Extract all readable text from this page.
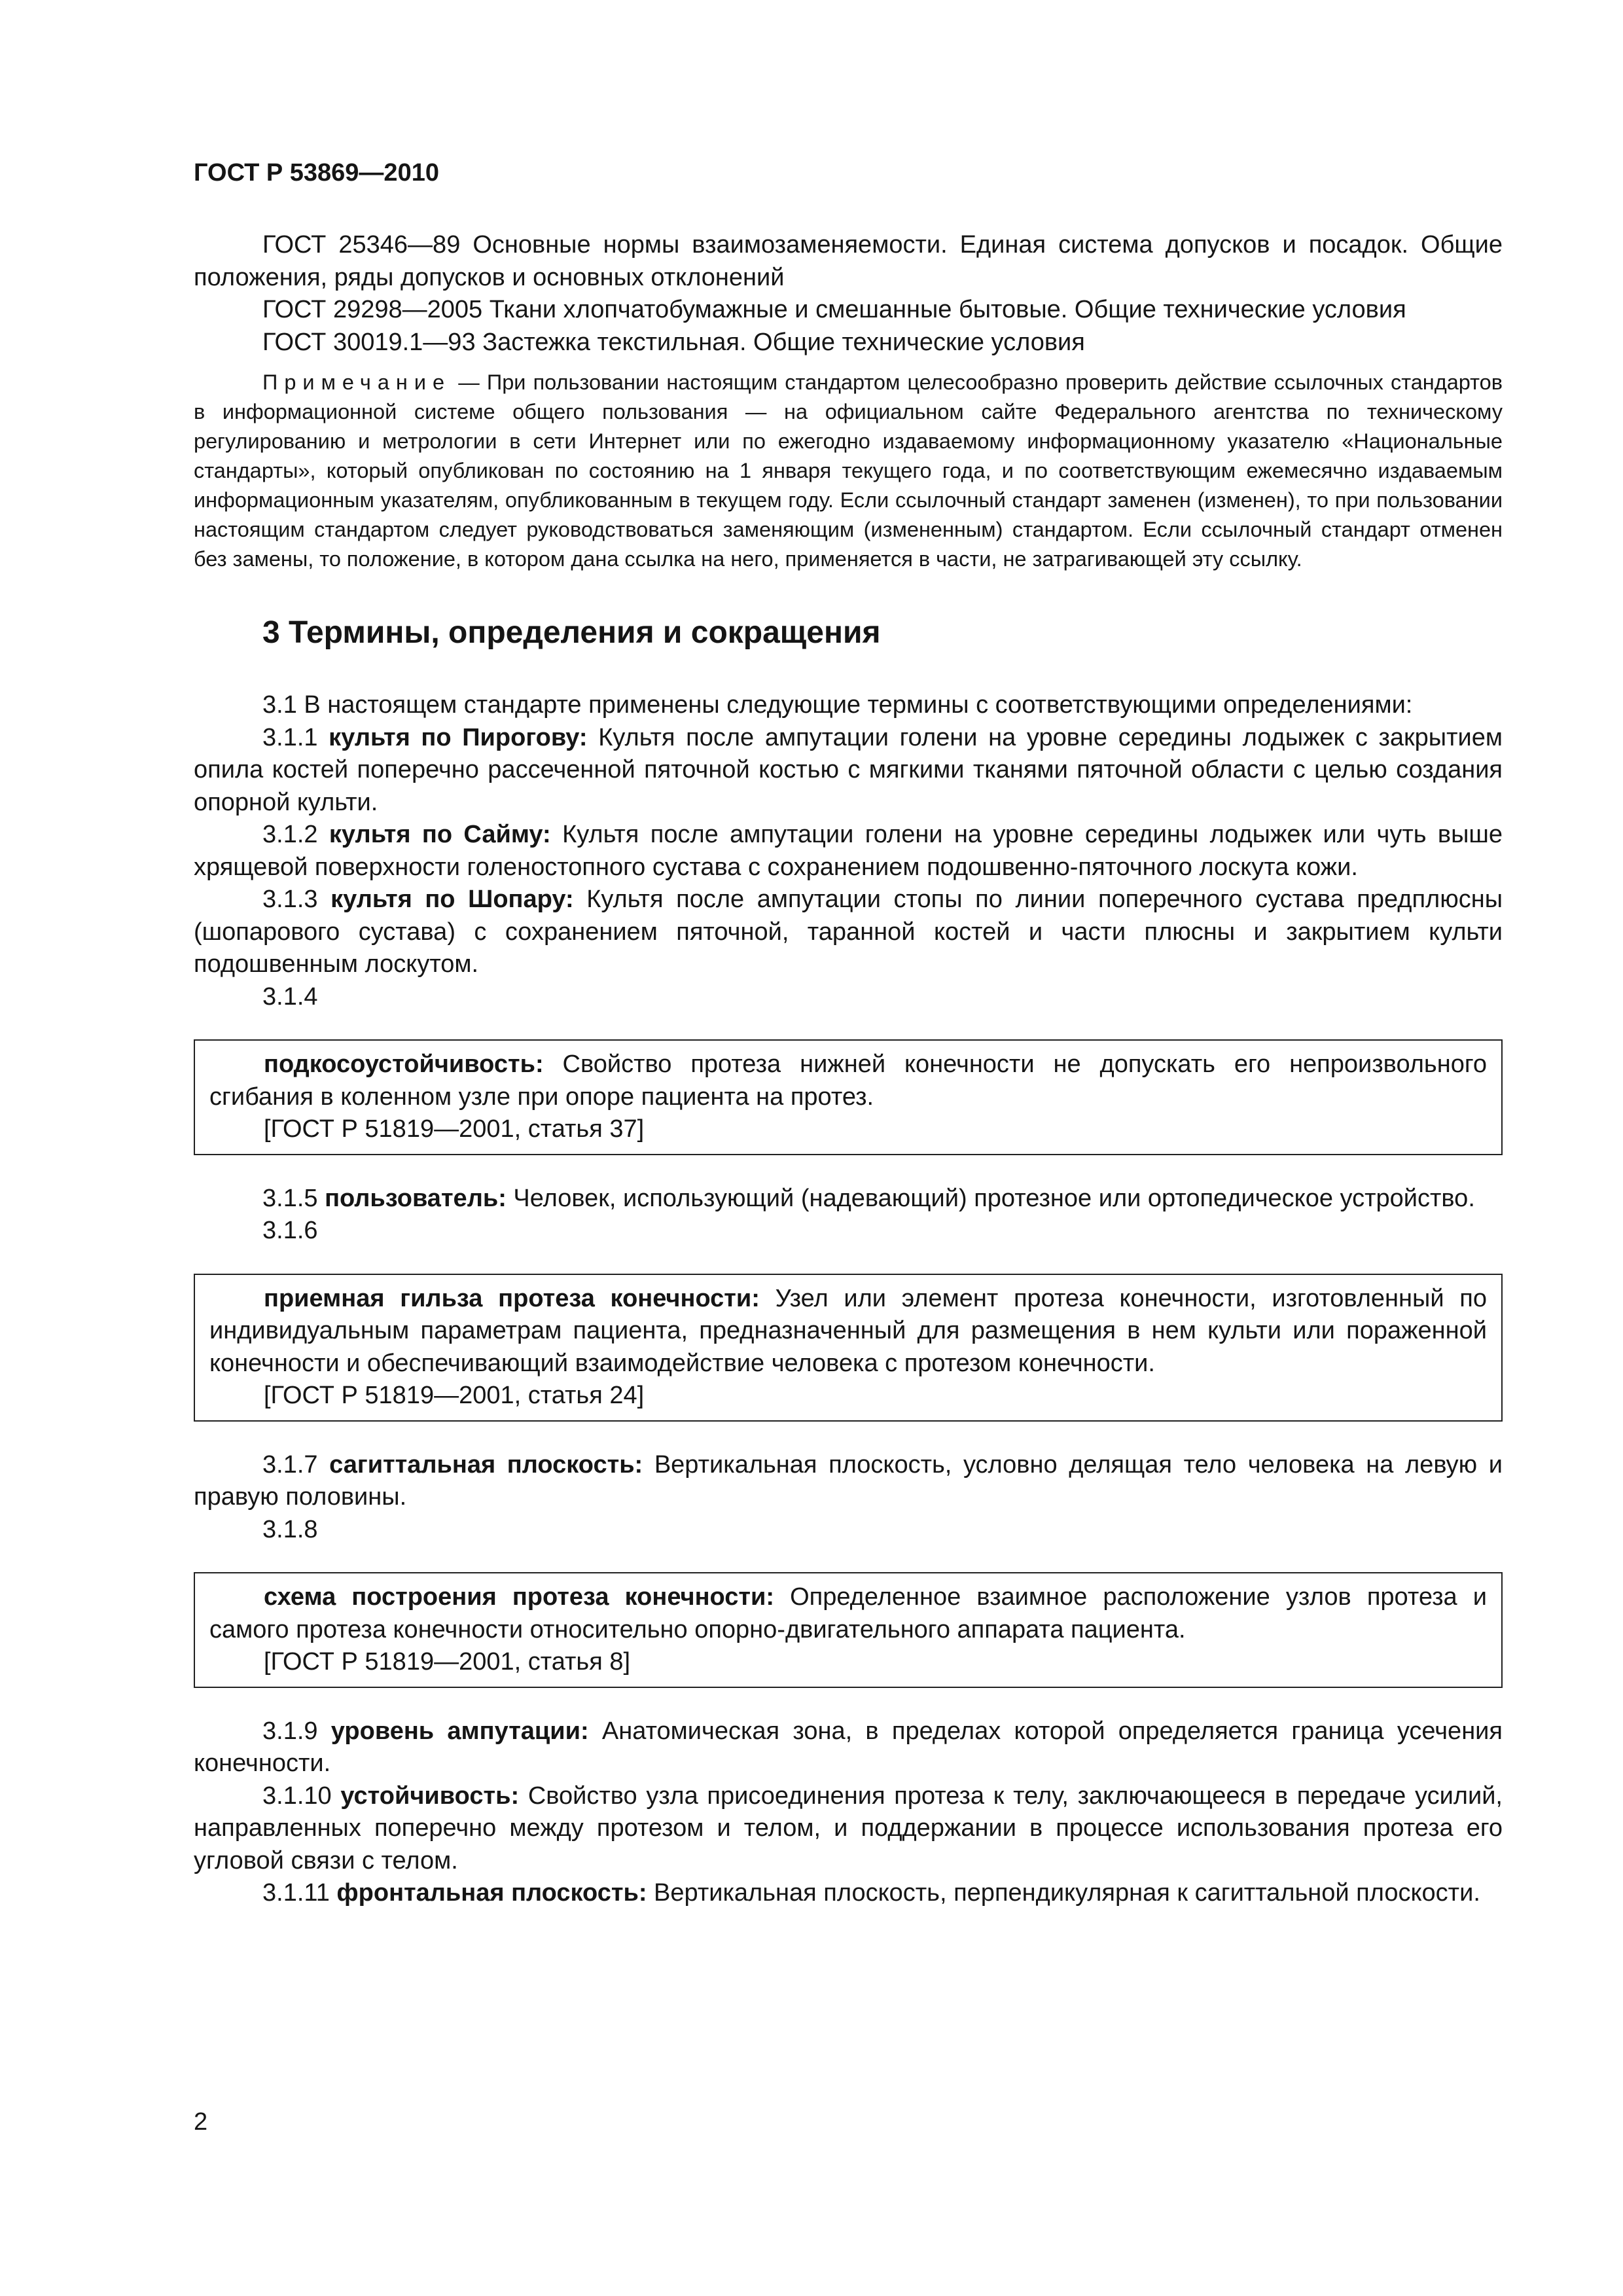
ГОСТ Р 53869—2010

ГОСТ 25346—89 Основные нормы взаимозаменяемости. Единая система допусков и посадок. Общие положения, ряды допусков и основных отклонений

ГОСТ 29298—2005 Ткани хлопчатобумажные и смешанные бытовые. Общие технические условия

ГОСТ 30019.1—93 Застежка текстильная. Общие технические условия

Примечание — При пользовании настоящим стандартом целесообразно проверить действие ссылочных стандартов в информационной системе общего пользования — на официальном сайте Федерального агентства по техническому регулированию и метрологии в сети Интернет или по ежегодно издаваемому информационному указателю «Национальные стандарты», который опубликован по состоянию на 1 января текущего года, и по соответствующим ежемесячно издаваемым информационным указателям, опубликованным в текущем году. Если ссылочный стандарт заменен (изменен), то при пользовании настоящим стандартом следует руководствоваться заменяющим (измененным) стандартом. Если ссылочный стандарт отменен без замены, то положение, в котором дана ссылка на него, применяется в части, не затрагивающей эту ссылку.

3 Термины, определения и сокращения

3.1 В настоящем стандарте применены следующие термины с соответствующими определениями:

3.1.1 культя по Пирогову: Культя после ампутации голени на уровне середины лодыжек с закрытием опила костей поперечно рассеченной пяточной костью с мягкими тканями пяточной области с целью создания опорной культи.

3.1.2 культя по Сайму: Культя после ампутации голени на уровне середины лодыжек или чуть выше хрящевой поверхности голеностопного сустава с сохранением подошвенно-пяточного лоскута кожи.

3.1.3 культя по Шопару: Культя после ампутации стопы по линии поперечного сустава предплюсны (шопарового сустава) с сохранением пяточной, таранной костей и части плюсны и закрытием культи подошвенным лоскутом.

3.1.4

подкосоустойчивость: Свойство протеза нижней конечности не допускать его непроизвольного сгибания в коленном узле при опоре пациента на протез.

[ГОСТ Р 51819—2001, статья 37]

3.1.5 пользователь: Человек, использующий (надевающий) протезное или ортопедическое устройство.

3.1.6

приемная гильза протеза конечности: Узел или элемент протеза конечности, изготовленный по индивидуальным параметрам пациента, предназначенный для размещения в нем культи или пораженной конечности и обеспечивающий взаимодействие человека с протезом конечности.

[ГОСТ Р 51819—2001, статья 24]

3.1.7 сагиттальная плоскость: Вертикальная плоскость, условно делящая тело человека на левую и правую половины.

3.1.8

схема построения протеза конечности: Определенное взаимное расположение узлов протеза и самого протеза конечности относительно опорно-двигательного аппарата пациента.

[ГОСТ Р 51819—2001, статья 8]

3.1.9 уровень ампутации: Анатомическая зона, в пределах которой определяется граница усечения конечности.

3.1.10 устойчивость: Свойство узла присоединения протеза к телу, заключающееся в передаче усилий, направленных поперечно между протезом и телом, и поддержании в процессе использования протеза его угловой связи с телом.

3.1.11 фронтальная плоскость: Вертикальная плоскость, перпендикулярная к сагиттальной плоскости.

2
